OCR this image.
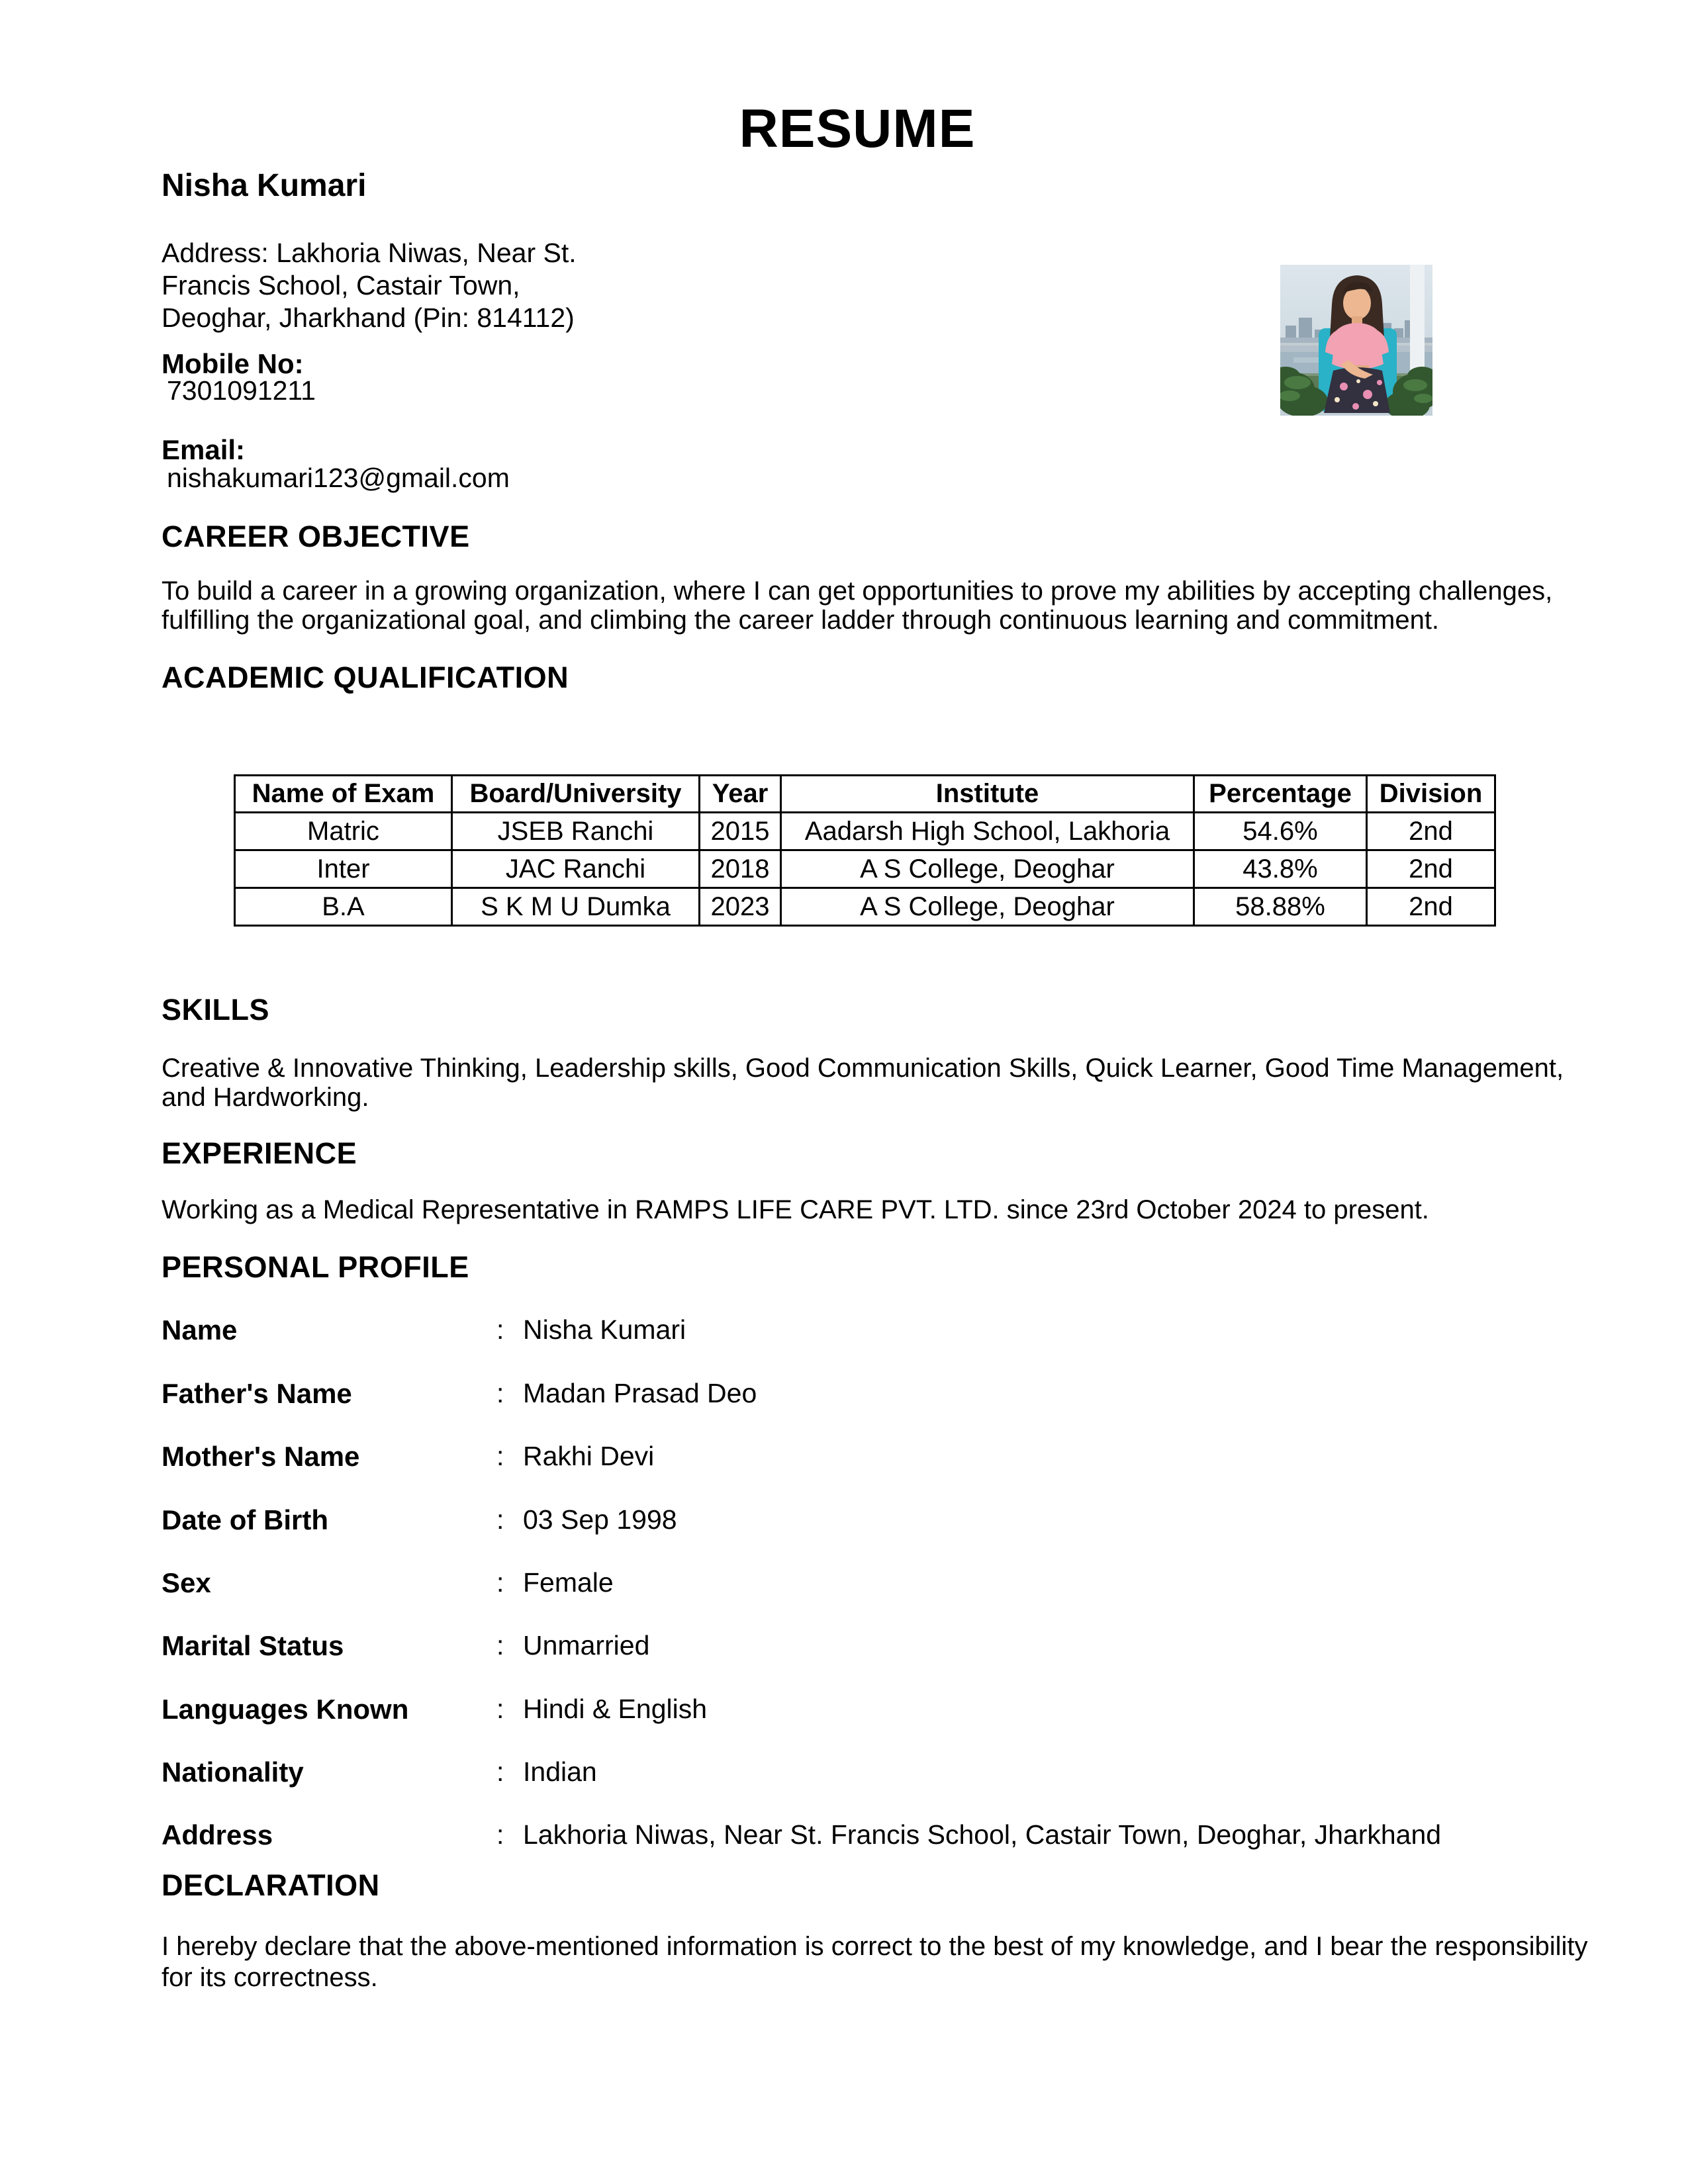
RESUME
Nisha Kumari
Address: Lakhoria Niwas, Near St.
Francis School, Castair Town,
Deoghar, Jharkhand (Pin: 814112)
Mobile No:
7301091211
Email:
nishakumari123@gmail.com
CAREER OBJECTIVE
To build a career in a growing organization, where I can get opportunities to prove my abilities by accepting challenges,
fulfilling the organizational goal, and climbing the career ladder through continuous learning and commitment.
ACADEMIC QUALIFICATION
Name of Exam	Board/University	Year	Institute	Percentage	Division
Matric	JSEB Ranchi	2015	Aadarsh High School, Lakhoria	54.6%	2nd
Inter	JAC Ranchi	2018	A S College, Deoghar	43.8%	2nd
B.A	S K M U Dumka	2023	A S College, Deoghar	58.88%	2nd
SKILLS
Creative & Innovative Thinking, Leadership skills, Good Communication Skills, Quick Learner, Good Time Management,
and Hardworking.
EXPERIENCE
Working as a Medical Representative in RAMPS LIFE CARE PVT. LTD. since 23rd October 2024 to present.
PERSONAL PROFILE
Name	: Nisha Kumari
Father's Name	: Madan Prasad Deo
Mother's Name	: Rakhi Devi
Date of Birth	: 03 Sep 1998
Sex	: Female
Marital Status	: Unmarried
Languages Known	: Hindi & English
Nationality	: Indian
Address	: Lakhoria Niwas, Near St. Francis School, Castair Town, Deoghar, Jharkhand
DECLARATION
I hereby declare that the above-mentioned information is correct to the best of my knowledge, and I bear the responsibility
for its correctness.
